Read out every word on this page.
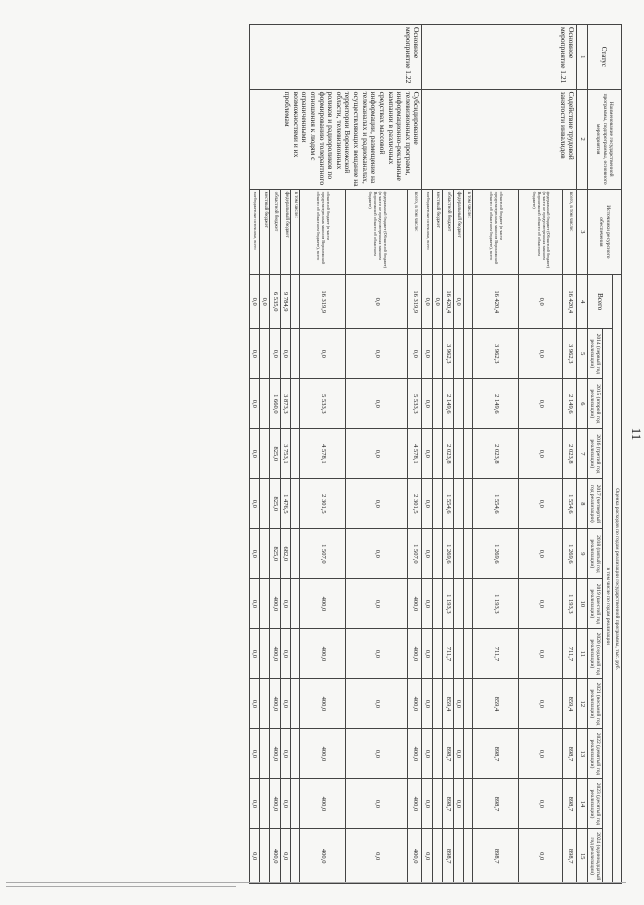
11
Статус	Наименование государственной программы, подпрограммы, основного мероприятия	Источники ресурсного обеспечения	Оценка расходов по годам реализации государственной программы, тыс. руб.											
			Всего	в том числе по годам реализации										
				2014 (первый год реализации)	2015 (второй год реализации)	2016 (третий год реализации)	2017 (четвертый год реализации)	2018 (пятый год реализации)	2019 (шестой год реализации)	2020 (седьмой год реализации)	2021 (восьмой год реализации)	2022 (девятый год реализации)	2023 (десятый год реализации)	2024 (одиннадцатый год реализации)
1	2	3	4	5	6	7	8	9	10	11	12	13	14	15
Основное мероприятие 1.21	Содействие трудовой занятости инвалидов	всего, в том числе:	16 420,4	3 962,3	2 149,6	2 023,8	1 554,6	1 269,6	1 193,3	711,7	859,4	898,7	898,7	898,7
		федеральный бюджет (Областной бюджет) (в части не предусмотренных законом Воронежской области об областном бюджете)	0,0	0,0	0,0	0,0	0,0	0,0	0,0	0,0	0,0	0,0	0,0	0,0
		областной бюджет (в части предусмотренных законом Воронежской области об областном бюджете), всего	16 420,4	3 962,3	2 149,6	2 023,8	1 554,6	1 269,6	1 193,3	711,7	859,4	898,7	898,7	898,7
		в том числе:												
		федеральный бюджет	0,0								0,0	0,0	0,0	
		областной бюджет	16 420,4	3 962,3	2 149,6	2 023,8	1 554,6	1 269,6	1 193,3	711,7	859,4	898,7	898,7	898,7
		местный бюджет	0,0											
		внебюджетные источники, всего	0,0	0,0	0,0	0,0	0,0	0,0	0,0	0,0	0,0	0,0	0,0	0,0
Основное мероприятие 1.22	Субсидирование телевизионных программ, информационно-рекламные кампании в различных средствах массовой информации, размещение на телеканалах и радиоканалах, осуществляющих вещание на территории Воронежской области, телевизионных роликов и радиороликов по формированию толерантного отношения к людям с ограниченными возможностями и их проблемам	всего, в том числе:	16 319,9	0,0	5 533,3	4 578,1	2 301,5	1 507,0	400,0	400,0	400,0	400,0	400,0	400,0
		федеральный бюджет (Областной бюджет) (в части не предусмотренных законом Воронежской области об областном бюджете)	0,0	0,0	0,0	0,0	0,0	0,0	0,0	0,0	0,0	0,0	0,0	0,0
		областной бюджет (в части предусмотренных законом Воронежской области об областном бюджете), всего	16 319,9	0,0	5 533,3	4 578,1	2 301,5	1 507,0	400,0	400,0	400,0	400,0	400,0	400,0
		в том числе:												
		федеральный бюджет	9 784,9	0,0	3 873,3	3 753,1	1 476,5	682,0	0,0	0,0	0,0	0,0	0,0	0,0
		областной бюджет	6 535,0	0,0	1 660,0	825,0	825,0	825,0	400,0	400,0	400,0	400,0	400,0	400,0
		местный бюджет	0,0											
		внебюджетные источники, всего	0,0	0,0	0,0	0,0	0,0	0,0	0,0	0,0	0,0	0,0	0,0	0,0
